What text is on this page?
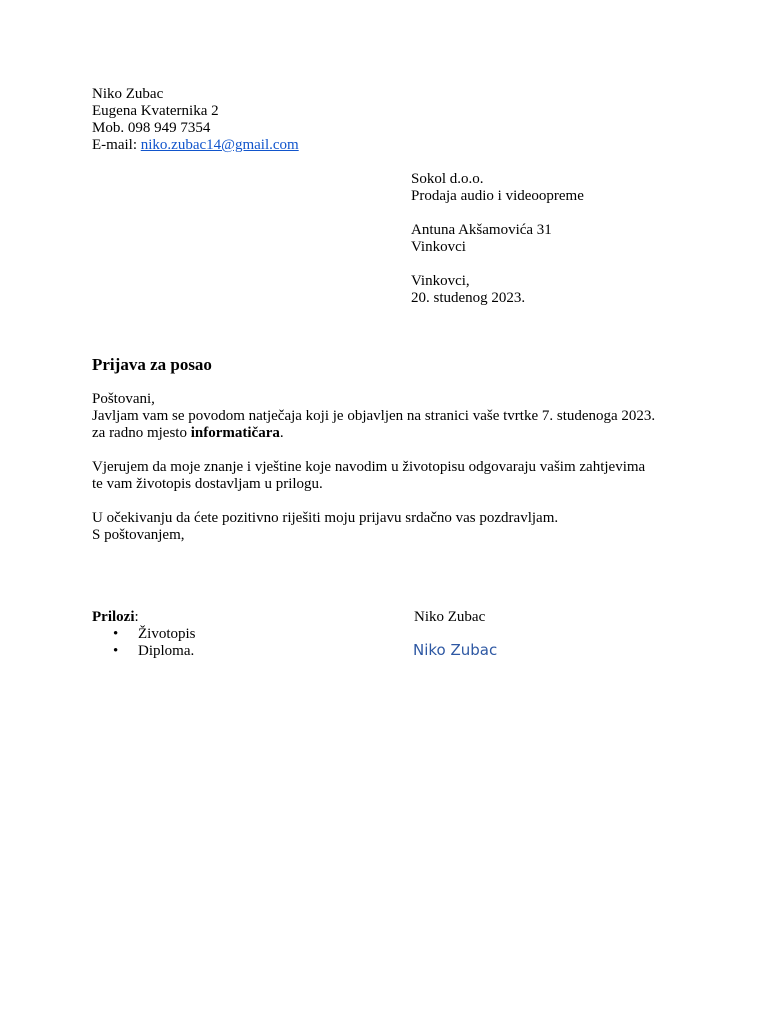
Niko Zubac
Eugena Kvaternika 2
Mob. 098 949 7354
E-mail: niko.zubac14@gmail.com
Sokol d.o.o.
Prodaja audio i videoopreme
Antuna Akšamovića 31
Vinkovci
Vinkovci,
20. studenog 2023.
Prijava za posao
Poštovani,
Javljam vam se povodom natječaja koji je objavljen na stranici vaše tvrtke 7. studenoga 2023.
za radno mjesto informatičara.
Vjerujem da moje znanje i vještine koje navodim u životopisu odgovaraju vašim zahtjevima
te vam životopis dostavljam u prilogu.
U očekivanju da ćete pozitivno riješiti moju prijavu srdačno vas pozdravljam.
S poštovanjem,
Prilozi:
• Životopis
• Diploma.
Niko Zubac
Niko Zubac
